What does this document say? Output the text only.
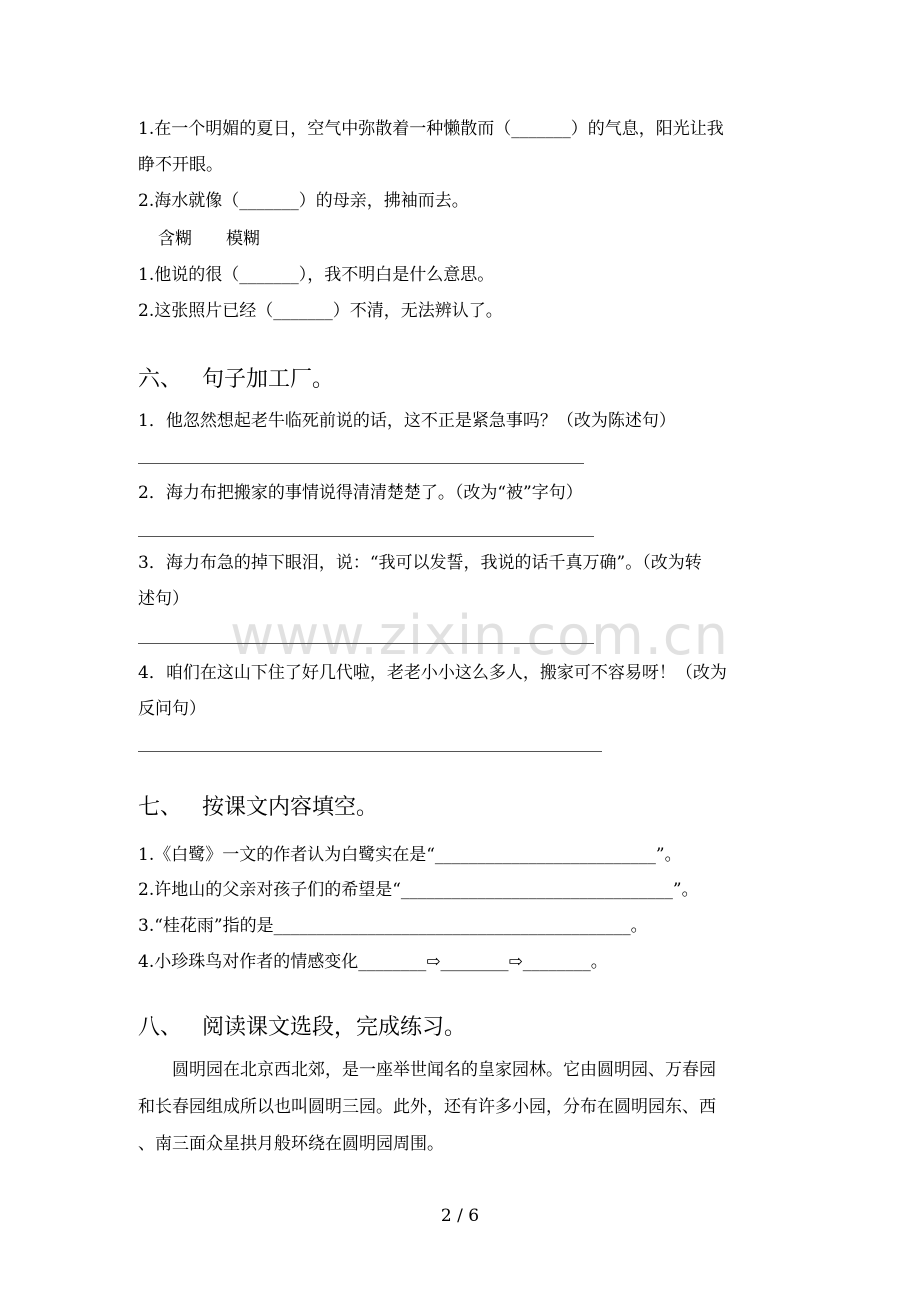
www.zixin.com.cn
1.在一个明媚的夏日，空气中弥散着一种懒散而（_______）的气息，阳光让我
睁不开眼。
2.海水就像（_______）的母亲，拂袖而去。
含糊　　模糊
1.他说的很（_______），我不明白是什么意思。
2.这张照片已经（_______）不清，无法辨认了。
六、 句子加工厂。
1．他忽然想起老牛临死前说的话，这不正是紧急事吗？（改为陈述句）
2．海力布把搬家的事情说得清清楚楚了。（改为“被”字句）
3．海力布急的掉下眼泪，说：“我可以发誓，我说的话千真万确”。（改为转
述句）
4．咱们在这山下住了好几代啦，老老小小这么多人，搬家可不容易呀！（改为
反问句）
七、 按课文内容填空。
1.《白鹭》一文的作者认为白鹭实在是“__________________________”。
2.许地山的父亲对孩子们的希望是“________________________________”。
3.“桂花雨”指的是__________________________________________。
4.小珍珠鸟对作者的情感变化________⇨________⇨________。
八、 阅读课文选段，完成练习。
圆明园在北京西北郊，是一座举世闻名的皇家园林。它由圆明园、万春园
和长春园组成所以也叫圆明三园。此外，还有许多小园，分布在圆明园东、西
、南三面众星拱月般环绕在圆明园周围。
2 / 6
